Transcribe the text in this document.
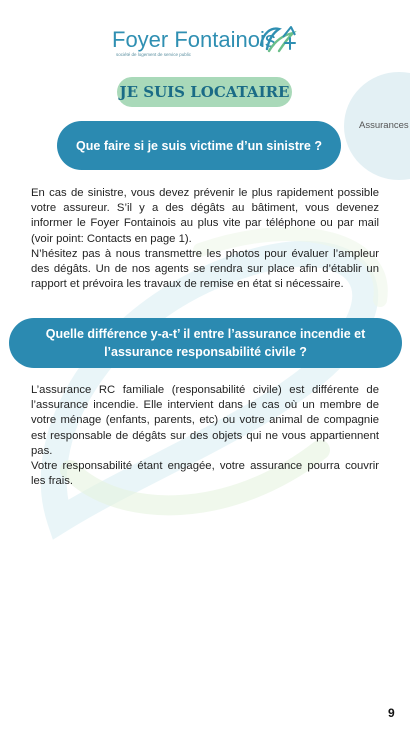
Foyer Fontainois
société de logement de service public
JE SUIS LOCATAIRE
Assurances
Que faire si je suis victime d’un sinistre ?

En cas de sinistre, vous devez prévenir le plus rapidement possible votre assureur. S’il y a des dégâts au bâtiment, vous devenez informer le Foyer Fontainois au plus vite par téléphone ou par mail (voir point: Contacts en page 1).

N’hésitez pas à nous transmettre les photos pour évaluer l’ampleur des dégâts. Un de nos agents se rendra sur place afin d’établir un rapport et prévoira les travaux de remise en état si nécessaire.

Quelle différence y-a-t’ il entre l’assurance incendie et l’assurance responsabilité civile ?

L’assurance RC familiale (responsabilité civile) est différente de l’assurance incendie. Elle intervient dans le cas où un membre de votre ménage (enfants, parents, etc) ou votre animal de compagnie est responsable de dégâts sur des objets qui ne vous appartiennent pas.

Votre responsabilité étant engagée, votre assurance pourra couvrir les frais.

9
